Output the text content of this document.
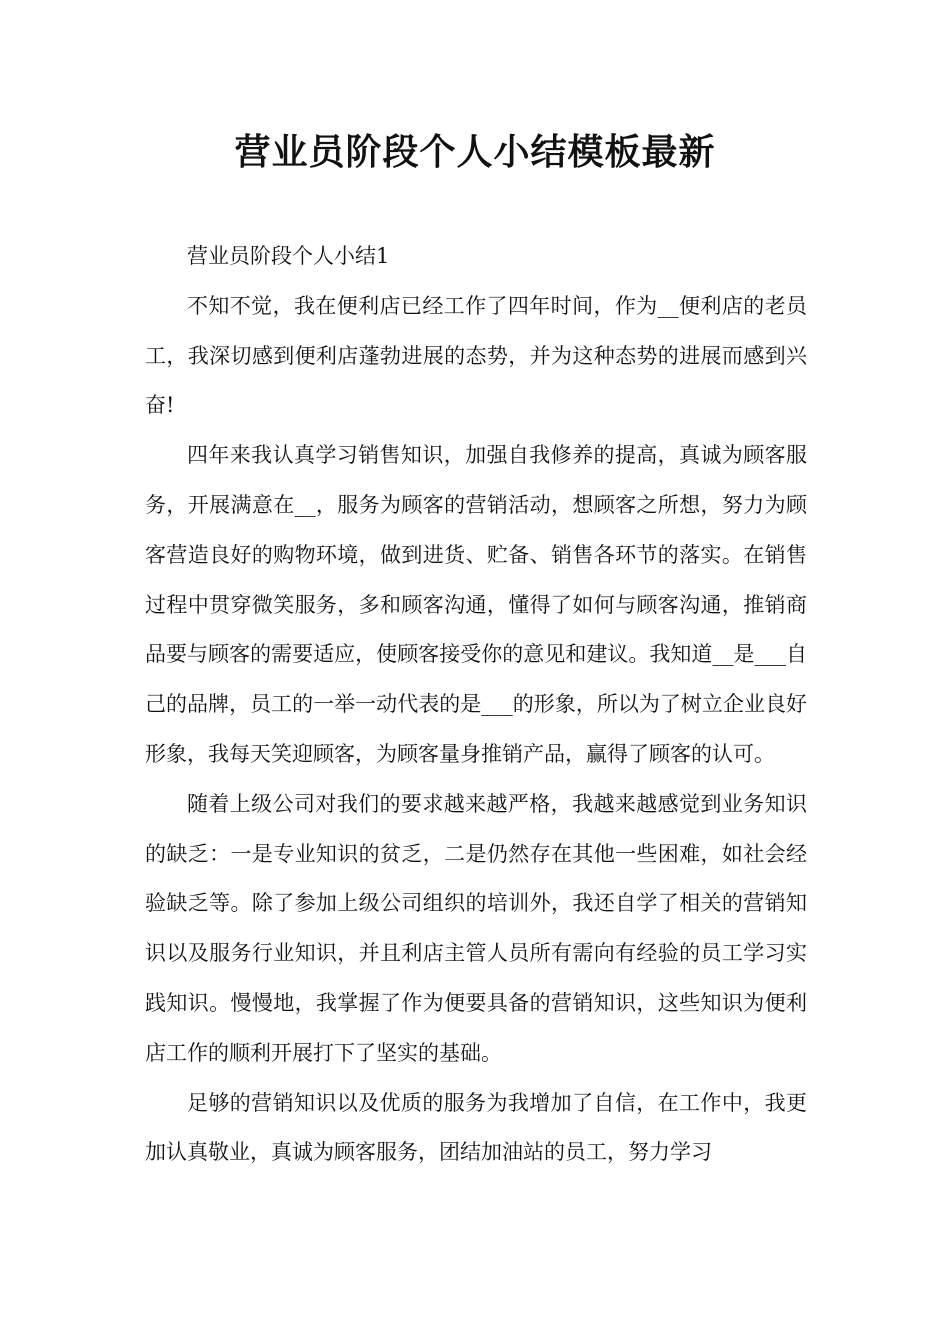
营业员阶段个人小结模板最新

营业员阶段个人小结1

不知不觉，我在便利店已经工作了四年时间，作为__便利店的老员工，我深切感到便利店蓬勃进展的态势，并为这种态势的进展而感到兴奋!

四年来我认真学习销售知识，加强自我修养的提高，真诚为顾客服务，开展满意在__，服务为顾客的营销活动，想顾客之所想，努力为顾客营造良好的购物环境，做到进货、贮备、销售各环节的落实。在销售过程中贯穿微笑服务，多和顾客沟通，懂得了如何与顾客沟通，推销商品要与顾客的需要适应，使顾客接受你的意见和建议。我知道__是___自己的品牌，员工的一举一动代表的是___的形象，所以为了树立企业良好形象，我每天笑迎顾客，为顾客量身推销产品，赢得了顾客的认可。

随着上级公司对我们的要求越来越严格，我越来越感觉到业务知识的缺乏：一是专业知识的贫乏，二是仍然存在其他一些困难，如社会经验缺乏等。除了参加上级公司组织的培训外，我还自学了相关的营销知识以及服务行业知识，并且利店主管人员所有需向有经验的员工学习实践知识。慢慢地，我掌握了作为便要具备的营销知识，这些知识为便利店工作的顺利开展打下了坚实的基础。

足够的营销知识以及优质的服务为我增加了自信，在工作中，我更加认真敬业，真诚为顾客服务，团结加油站的员工，努力学习
